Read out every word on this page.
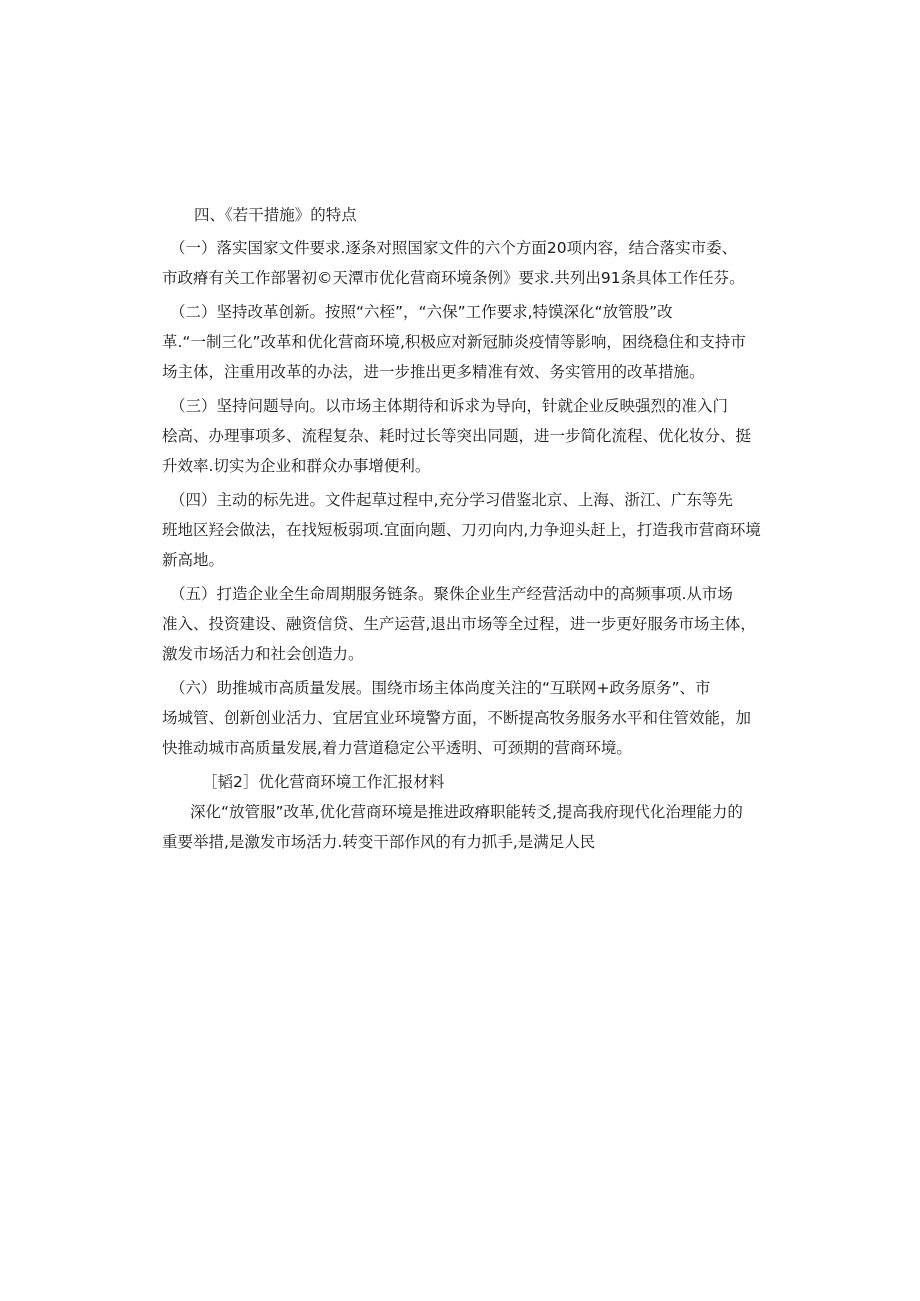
四、《若干措施》的特点
（一）落实国家文件要求.逐条对照国家文件的六个方面20项内容，结合落实市委、
市政瘠有关工作部署初©天潭市优化营商环境条例》要求.共列出91条具体工作任芬。
（二）坚持改革创新。按照“六桎”，“六保”工作要求,特馍深化“放管股”改
革.“一制三化”改革和优化营商环境,积极应对新冠肺炎疫情等影响，困绕稳住和支持市
场主体，注重用改革的办法，进一步推出更多精准有效、务实管用的改革措施。
（三）坚持问题导向。以市场主体期待和诉求为导向，针就企业反映强烈的准入门
桧高、办理事项多、流程复杂、耗时过长等突出同题，进一步简化流程、优化妆分、挺
升效率.切实为企业和群众办事增便利。
（四）主动的标先进。文件起草过程中,充分学习借鉴北京、上海、浙江、广东等先
班地区羟会做法，在找短板弱项.宜面向题、刀刃向内,力争迎头赶上，打造我市营商环境
新高地。
（五）打造企业全生命周期服务链条。聚侏企业生产经营活动中的高频事项.从市场
准入、投资建设、融资信贷、生产运营,退出市场等全过程，进一步更好服务市场主体，
激发市场活力和社会创造力。
（六）助推城市高质量发展。围绕市场主体尚度关注的“互联网+政务原务”、市
场城管、创新创业活力、宜居宜业环境警方面，不断提高牧务服务水平和住管效能，加
快推动城市高质量发展,着力营道稳定公平透明、可颈期的营商环境。
［韬2］优化营商环境工作汇报材料
深化“放管服”改革,优化营商环境是推进政瘠职能转爻,提高我府现代化治理能力的
重要举措,是激发市场活力.转变干部作风的有力抓手,是满足人民
